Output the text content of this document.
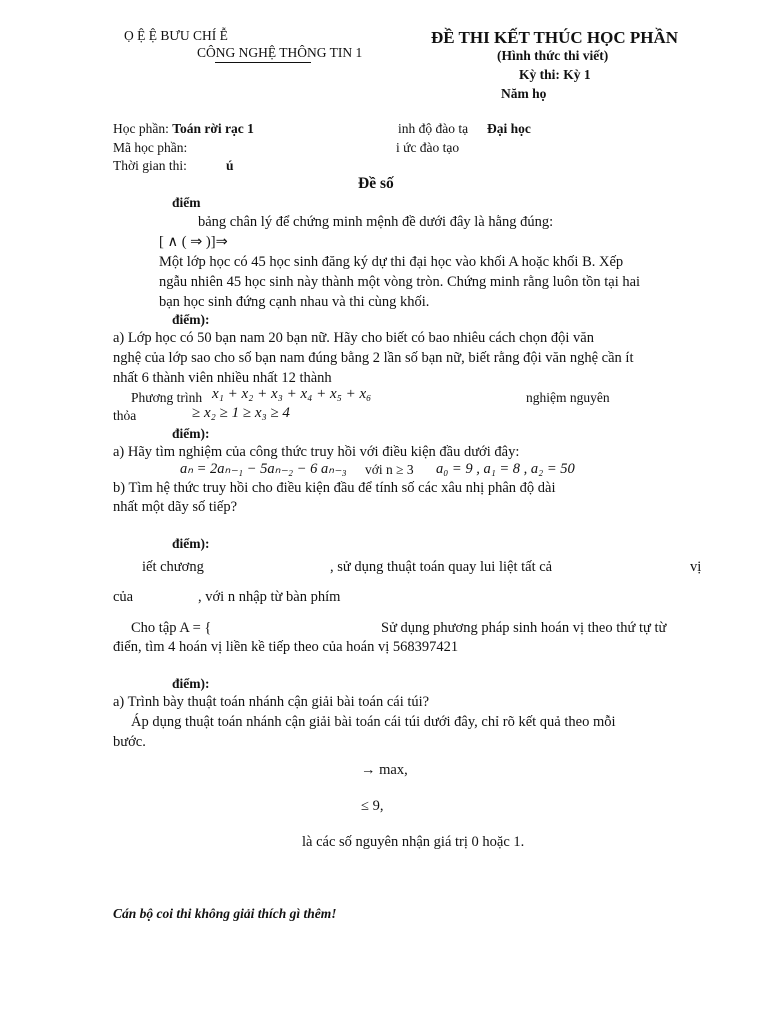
Ọ Ệ Ệ BƯU CHÍ Ễ
CÔNG NGHỆ THÔNG TIN 1
ĐỀ THI KẾT THÚC HỌC PHẦN
(Hình thức thi viết)
Kỳ thi: Kỳ 1
Năm họ
Học phần: Toán rời rạc 1	inh độ đào tạ Đại học
Mã học phần:	i ức đào tạo
Thời gian thi:	ú
Đề số
điểm
bảng chân lý để chứng minh mệnh đề dưới đây là hằng đúng:
[ ∧ ( ⇒ )]⇒
Một lớp học có 45 học sinh đăng ký dự thi đại học vào khối A hoặc khối B. Xếp
ngẫu nhiên 45 học sinh này thành một vòng tròn. Chứng minh rằng luôn tồn tại hai
bạn học sinh đứng cạnh nhau và thi cùng khối.
điểm):
a) Lớp học có 50 bạn nam 20 bạn nữ. Hãy cho biết có bao nhiêu cách chọn đội văn
nghệ của lớp sao cho số bạn nam đúng bằng 2 lần số bạn nữ, biết rằng đội văn nghệ cần ít
nhất 6 thành viên nhiều nhất 12 thành
Phương trình x₁ + x₂ + x₃ + x₄ + x₅ + x₆	nghiệm nguyên
thỏa	≥ x₂ ≥ 1 ≥ x₃ ≥ 4
điểm):
a) Hãy tìm nghiệm của công thức truy hồi với điều kiện đầu dưới đây:
aₙ = 2aₙ₋₁ − 5aₙ₋₂ − 6 aₙ₋₃ với n ≥ 3 a₀ = 9 , a₁ = 8 , a₂ = 50
b) Tìm hệ thức truy hồi cho điều kiện đầu để tính số các xâu nhị phân độ dài
nhất một dãy số tiếp?
điểm):
iết chương	, sử dụng thuật toán quay lui liệt tất cả	vị
của	, với n nhập từ bàn phím
Cho tập A = {	Sử dụng phương pháp sinh hoán vị theo thứ tự từ
điển, tìm 4 hoán vị liền kề tiếp theo của hoán vị 568397421
điểm):
a) Trình bày thuật toán nhánh cận giải bài toán cái túi?
Áp dụng thuật toán nhánh cận giải bài toán cái túi dưới đây, chỉ rõ kết quả theo mỗi
bước.
→ max,
≤ 9,
là các số nguyên nhận giá trị 0 hoặc 1.
Cán bộ coi thi không giải thích gì thêm!
